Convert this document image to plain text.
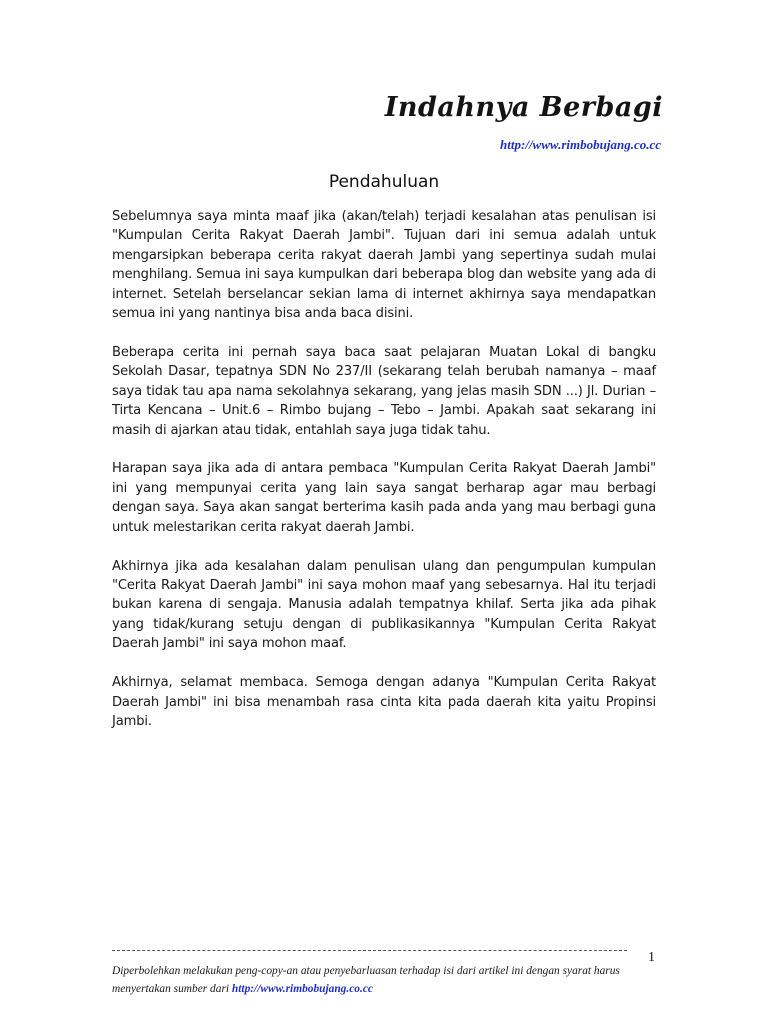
Indahnya Berbagi
http://www.rimbobujang.co.cc
Pendahuluan

Sebelumnya saya minta maaf jika (akan/telah) terjadi kesalahan atas penulisan isi "Kumpulan Cerita Rakyat Daerah Jambi". Tujuan dari ini semua adalah untuk mengarsipkan beberapa cerita rakyat daerah Jambi yang sepertinya sudah mulai menghilang. Semua ini saya kumpulkan dari beberapa blog dan website yang ada di internet. Setelah berselancar sekian lama di internet akhirnya saya mendapatkan semua ini yang nantinya bisa anda baca disini.

Beberapa cerita ini pernah saya baca saat pelajaran Muatan Lokal di bangku Sekolah Dasar, tepatnya SDN No 237/II (sekarang telah berubah namanya – maaf saya tidak tau apa nama sekolahnya sekarang, yang jelas masih SDN ...) Jl. Durian – Tirta Kencana – Unit.6 – Rimbo bujang – Tebo – Jambi. Apakah saat sekarang ini masih di ajarkan atau tidak, entahlah saya juga tidak tahu.

Harapan saya jika ada di antara pembaca "Kumpulan Cerita Rakyat Daerah Jambi" ini yang mempunyai cerita yang lain saya sangat berharap agar mau berbagi dengan saya. Saya akan sangat berterima kasih pada anda yang mau berbagi guna untuk melestarikan cerita rakyat daerah Jambi.

Akhirnya jika ada kesalahan dalam penulisan ulang dan pengumpulan kumpulan "Cerita Rakyat Daerah Jambi" ini saya mohon maaf yang sebesarnya. Hal itu terjadi bukan karena di sengaja. Manusia adalah tempatnya khilaf. Serta jika ada pihak yang tidak/kurang setuju dengan di publikasikannya "Kumpulan Cerita Rakyat Daerah Jambi" ini saya mohon maaf.

Akhirnya, selamat membaca. Semoga dengan adanya "Kumpulan Cerita Rakyat Daerah Jambi" ini bisa menambah rasa cinta kita pada daerah kita yaitu Propinsi Jambi.

1
Diperbolehkan melakukan peng-copy-an atau penyebarluasan terhadap isi dari artikel ini dengan syarat harus menyertakan sumber dari http://www.rimbobujang.co.cc
